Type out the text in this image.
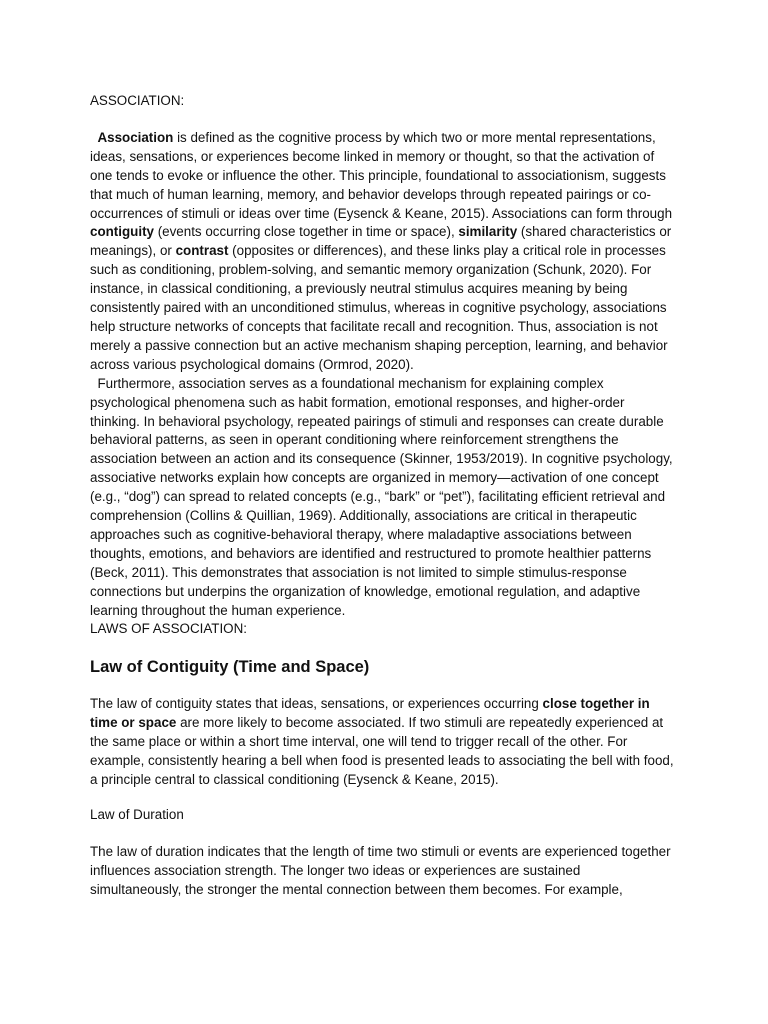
ASSOCIATION:

Association is defined as the cognitive process by which two or more mental representations, ideas, sensations, or experiences become linked in memory or thought, so that the activation of one tends to evoke or influence the other. This principle, foundational to associationism, suggests that much of human learning, memory, and behavior develops through repeated pairings or co-occurrences of stimuli or ideas over time (Eysenck & Keane, 2015). Associations can form through contiguity (events occurring close together in time or space), similarity (shared characteristics or meanings), or contrast (opposites or differences), and these links play a critical role in processes such as conditioning, problem-solving, and semantic memory organization (Schunk, 2020). For instance, in classical conditioning, a previously neutral stimulus acquires meaning by being consistently paired with an unconditioned stimulus, whereas in cognitive psychology, associations help structure networks of concepts that facilitate recall and recognition. Thus, association is not merely a passive connection but an active mechanism shaping perception, learning, and behavior across various psychological domains (Ormrod, 2020).

Furthermore, association serves as a foundational mechanism for explaining complex psychological phenomena such as habit formation, emotional responses, and higher-order thinking. In behavioral psychology, repeated pairings of stimuli and responses can create durable behavioral patterns, as seen in operant conditioning where reinforcement strengthens the association between an action and its consequence (Skinner, 1953/2019). In cognitive psychology, associative networks explain how concepts are organized in memory—activation of one concept (e.g., “dog”) can spread to related concepts (e.g., “bark” or “pet”), facilitating efficient retrieval and comprehension (Collins & Quillian, 1969). Additionally, associations are critical in therapeutic approaches such as cognitive-behavioral therapy, where maladaptive associations between thoughts, emotions, and behaviors are identified and restructured to promote healthier patterns (Beck, 2011). This demonstrates that association is not limited to simple stimulus-response connections but underpins the organization of knowledge, emotional regulation, and adaptive learning throughout the human experience.

LAWS OF ASSOCIATION:

Law of Contiguity (Time and Space)

The law of contiguity states that ideas, sensations, or experiences occurring close together in time or space are more likely to become associated. If two stimuli are repeatedly experienced at the same place or within a short time interval, one will tend to trigger recall of the other. For example, consistently hearing a bell when food is presented leads to associating the bell with food, a principle central to classical conditioning (Eysenck & Keane, 2015).

Law of Duration

The law of duration indicates that the length of time two stimuli or events are experienced together influences association strength. The longer two ideas or experiences are sustained simultaneously, the stronger the mental connection between them becomes. For example,
